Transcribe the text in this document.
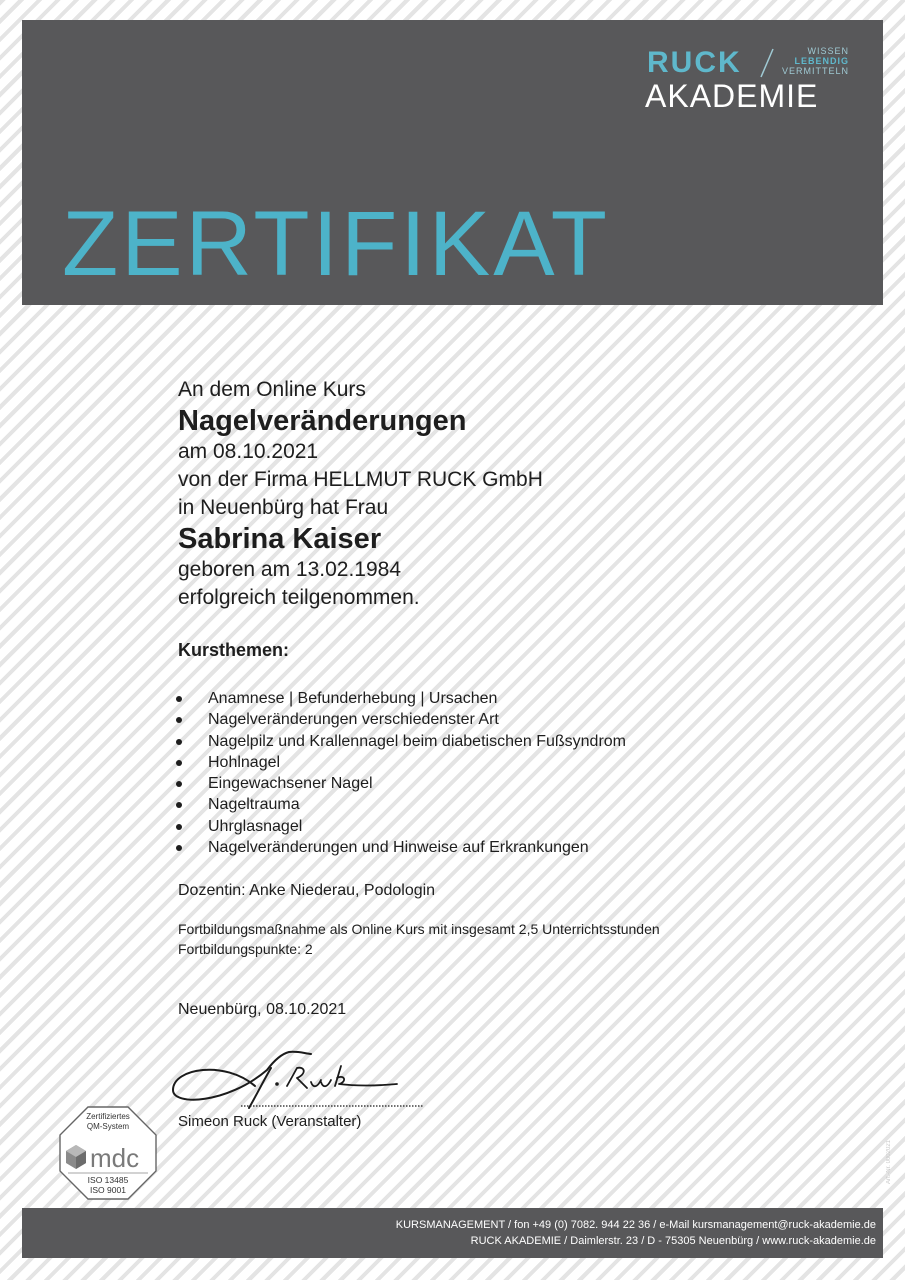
RUCK	WISSEN
LEBENDIG
VERMITTELN
AKADEMIE
ZERTIFIKAT
An dem Online Kurs
Nagelveränderungen
am 08.10.2021
von der Firma HELLMUT RUCK GmbH
in Neuenbürg hat Frau
Sabrina Kaiser
geboren am 13.02.1984
erfolgreich teilgenommen.
Kursthemen:
Anamnese | Befunderhebung | Ursachen
Nagelveränderungen verschiedenster Art
Nagelpilz und Krallennagel beim diabetischen Fußsyndrom
Hohlnagel
Eingewachsener Nagel
Nageltrauma
Uhrglasnagel
Nagelveränderungen und Hinweise auf Erkrankungen
Dozentin: Anke Niederau, Podologin
Fortbildungsmaßnahme als Online Kurs mit insgesamt 2,5 Unterrichtsstunden
Fortbildungspunkte: 2
Neuenbürg, 08.10.2021
Simeon Ruck (Veranstalter)
Zertifiziertes
QM-System
mdc
ISO 13485
ISO 9001
Art.-Nr. 0002021
KURSMANAGEMENT / fon +49 (0) 7082. 944 22 36 / e-Mail kursmanagement@ruck-akademie.de
RUCK AKADEMIE / Daimlerstr. 23 / D - 75305 Neuenbürg / www.ruck-akademie.de
